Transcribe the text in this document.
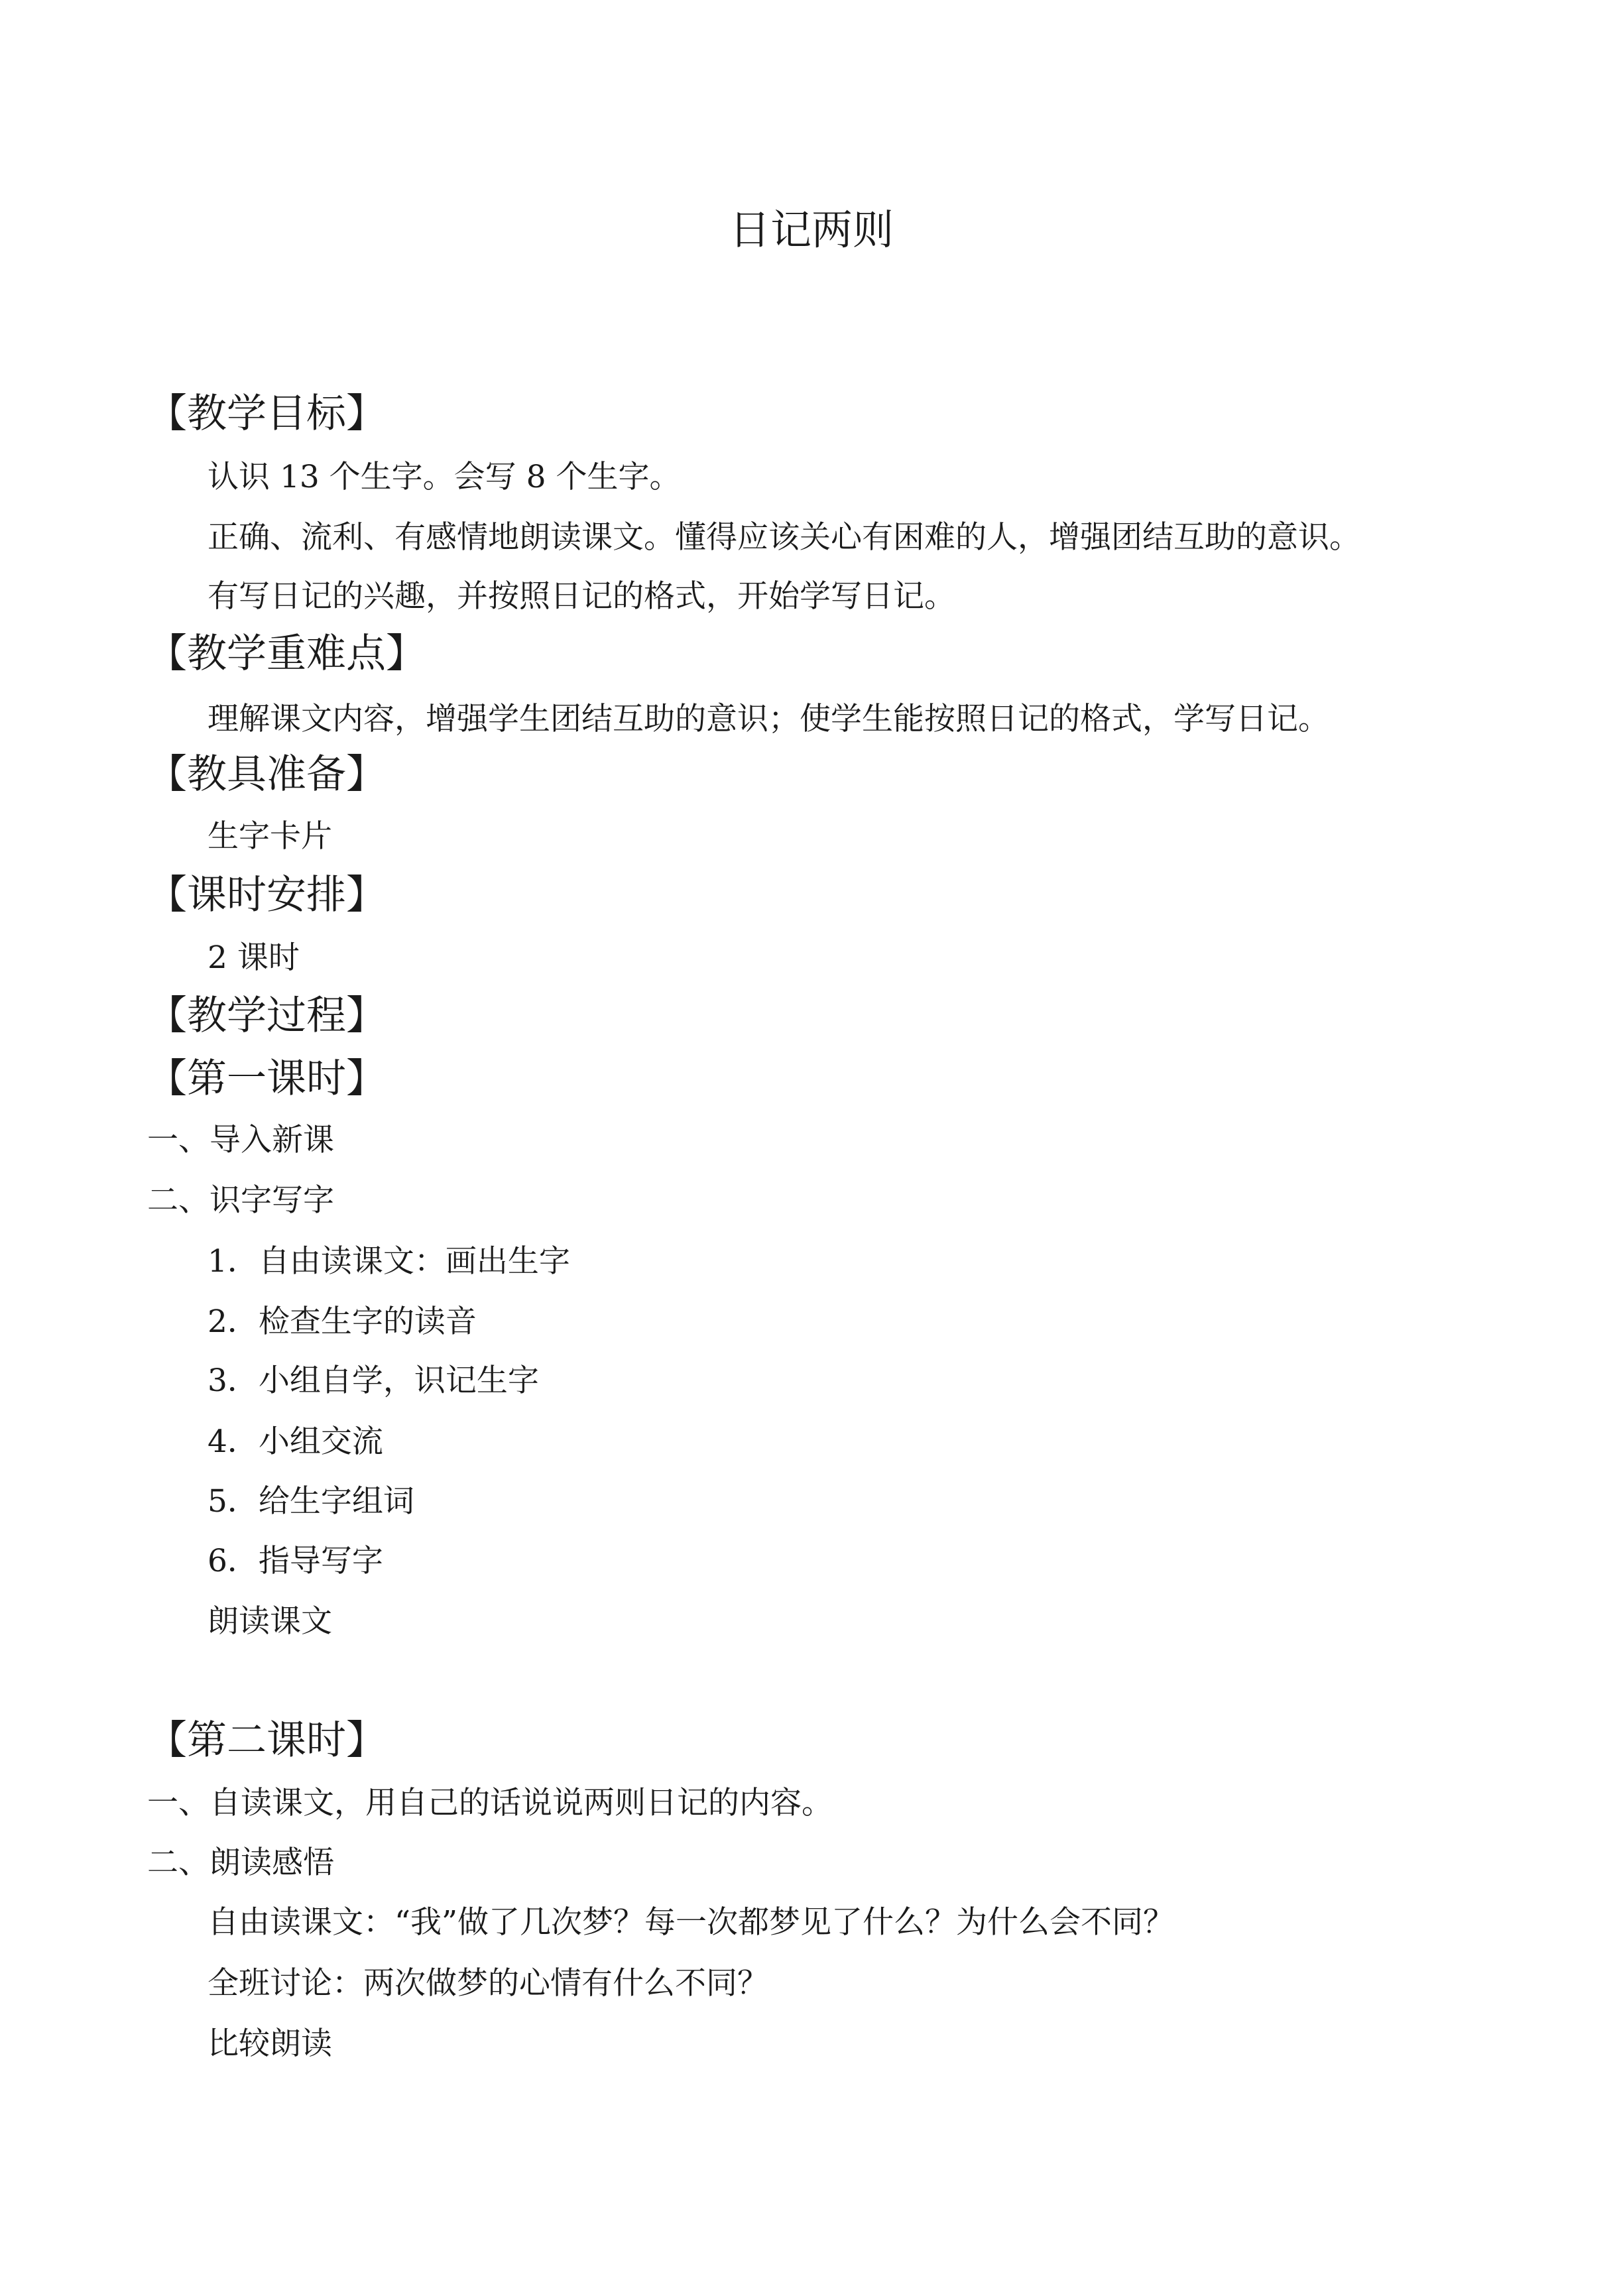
日记两则
【教学目标】
认识 13 个生字。会写 8 个生字。
正确、流利、有感情地朗读课文。懂得应该关心有困难的人，增强团结互助的意识。
有写日记的兴趣，并按照日记的格式，开始学写日记。
【教学重难点】
理解课文内容，增强学生团结互助的意识；使学生能按照日记的格式，学写日记。
【教具准备】
生字卡片
【课时安排】
2 课时
【教学过程】
【第一课时】
一、导入新课
二、识字写字
1．自由读课文：画出生字
2．检查生字的读音
3．小组自学，识记生字
4．小组交流
5．给生字组词
6．指导写字
朗读课文
【第二课时】
一、自读课文，用自己的话说说两则日记的内容。
二、朗读感悟
自由读课文：“我”做了几次梦？每一次都梦见了什么？为什么会不同？
全班讨论：两次做梦的心情有什么不同？
比较朗读
